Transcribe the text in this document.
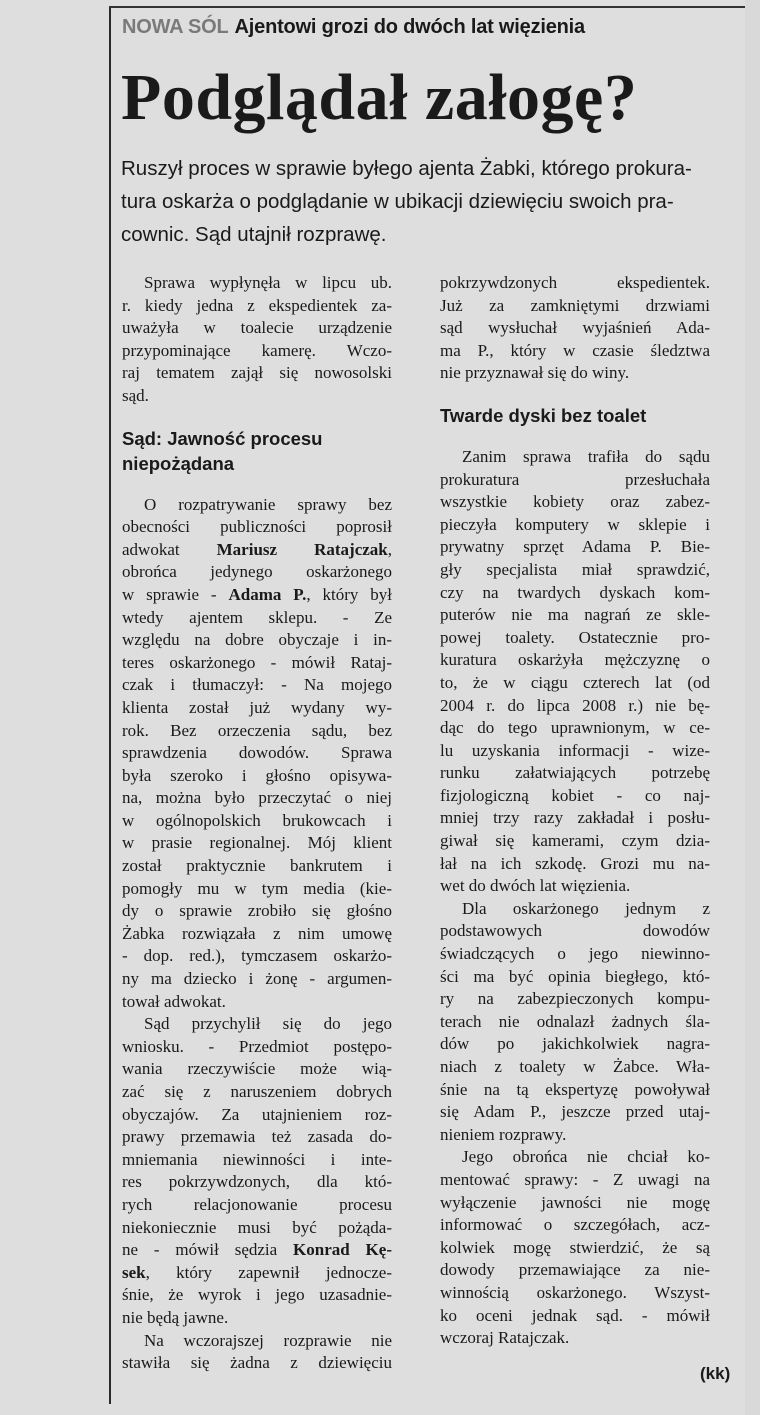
NOWA SÓL Ajentowi grozi do dwóch lat więzienia
Podglądał załogę?

Ruszył proces w sprawie byłego ajenta Żabki, którego prokura-

tura oskarża o podglądanie w ubikacji dziewięciu swoich pra-

cownic. Sąd utajnił rozprawę.

Sprawa wypłynęła w lipcu ub.
r. kiedy jedna z ekspedientek za-
uważyła w toalecie urządzenie
przypominające kamerę. Wczo-
raj tematem zajął się nowosolski
sąd.
Sąd: Jawność procesu
niepożądana
O rozpatrywanie sprawy bez
obecności publiczności poprosił
adwokat Mariusz Ratajczak,
obrońca jedynego oskarżonego
w sprawie - Adama P., który był
wtedy ajentem sklepu. - Ze
względu na dobre obyczaje i in-
teres oskarżonego - mówił Rataj-
czak i tłumaczył: - Na mojego
klienta został już wydany wy-
rok. Bez orzeczenia sądu, bez
sprawdzenia dowodów. Sprawa
była szeroko i głośno opisywa-
na, można było przeczytać o niej
w ogólnopolskich brukowcach i
w prasie regionalnej. Mój klient
został praktycznie bankrutem i
pomogły mu w tym media (kie-
dy o sprawie zrobiło się głośno
Żabka rozwiązała z nim umowę
- dop. red.), tymczasem oskarżo-
ny ma dziecko i żonę - argumen-
tował adwokat.
Sąd przychylił się do jego
wniosku. - Przedmiot postępo-
wania rzeczywiście może wią-
zać się z naruszeniem dobrych
obyczajów. Za utajnieniem roz-
prawy przemawia też zasada do-
mniemania niewinności i inte-
res pokrzywdzonych, dla któ-
rych relacjonowanie procesu
niekoniecznie musi być pożąda-
ne - mówił sędzia Konrad Kę-
sek, który zapewnił jednocze-
śnie, że wyrok i jego uzasadnie-
nie będą jawne.
Na wczorajszej rozprawie nie
stawiła się żadna z dziewięciu
pokrzywdzonych ekspedientek.
Już za zamkniętymi drzwiami
sąd wysłuchał wyjaśnień Ada-
ma P., który w czasie śledztwa
nie przyznawał się do winy.
Twarde dyski bez toalet
Zanim sprawa trafiła do sądu
prokuratura przesłuchała
wszystkie kobiety oraz zabez-
pieczyła komputery w sklepie i
prywatny sprzęt Adama P. Bie-
gły specjalista miał sprawdzić,
czy na twardych dyskach kom-
puterów nie ma nagrań ze skle-
powej toalety. Ostatecznie pro-
kuratura oskarżyła mężczyznę o
to, że w ciągu czterech lat (od
2004 r. do lipca 2008 r.) nie bę-
dąc do tego uprawnionym, w ce-
lu uzyskania informacji - wize-
runku załatwiających potrzebę
fizjologiczną kobiet - co naj-
mniej trzy razy zakładał i posłu-
giwał się kamerami, czym dzia-
łał na ich szkodę. Grozi mu na-
wet do dwóch lat więzienia.
Dla oskarżonego jednym z
podstawowych dowodów
świadczących o jego niewinno-
ści ma być opinia biegłego, któ-
ry na zabezpieczonych kompu-
terach nie odnalazł żadnych śla-
dów po jakichkolwiek nagra-
niach z toalety w Żabce. Wła-
śnie na tą ekspertyzę powoływał
się Adam P., jeszcze przed utaj-
nieniem rozprawy.
Jego obrońca nie chciał ko-
mentować sprawy: - Z uwagi na
wyłączenie jawności nie mogę
informować o szczegółach, acz-
kolwiek mogę stwierdzić, że są
dowody przemawiające za nie-
winnością oskarżonego. Wszyst-
ko oceni jednak sąd. - mówił
wczoraj Ratajczak.
(kk)
